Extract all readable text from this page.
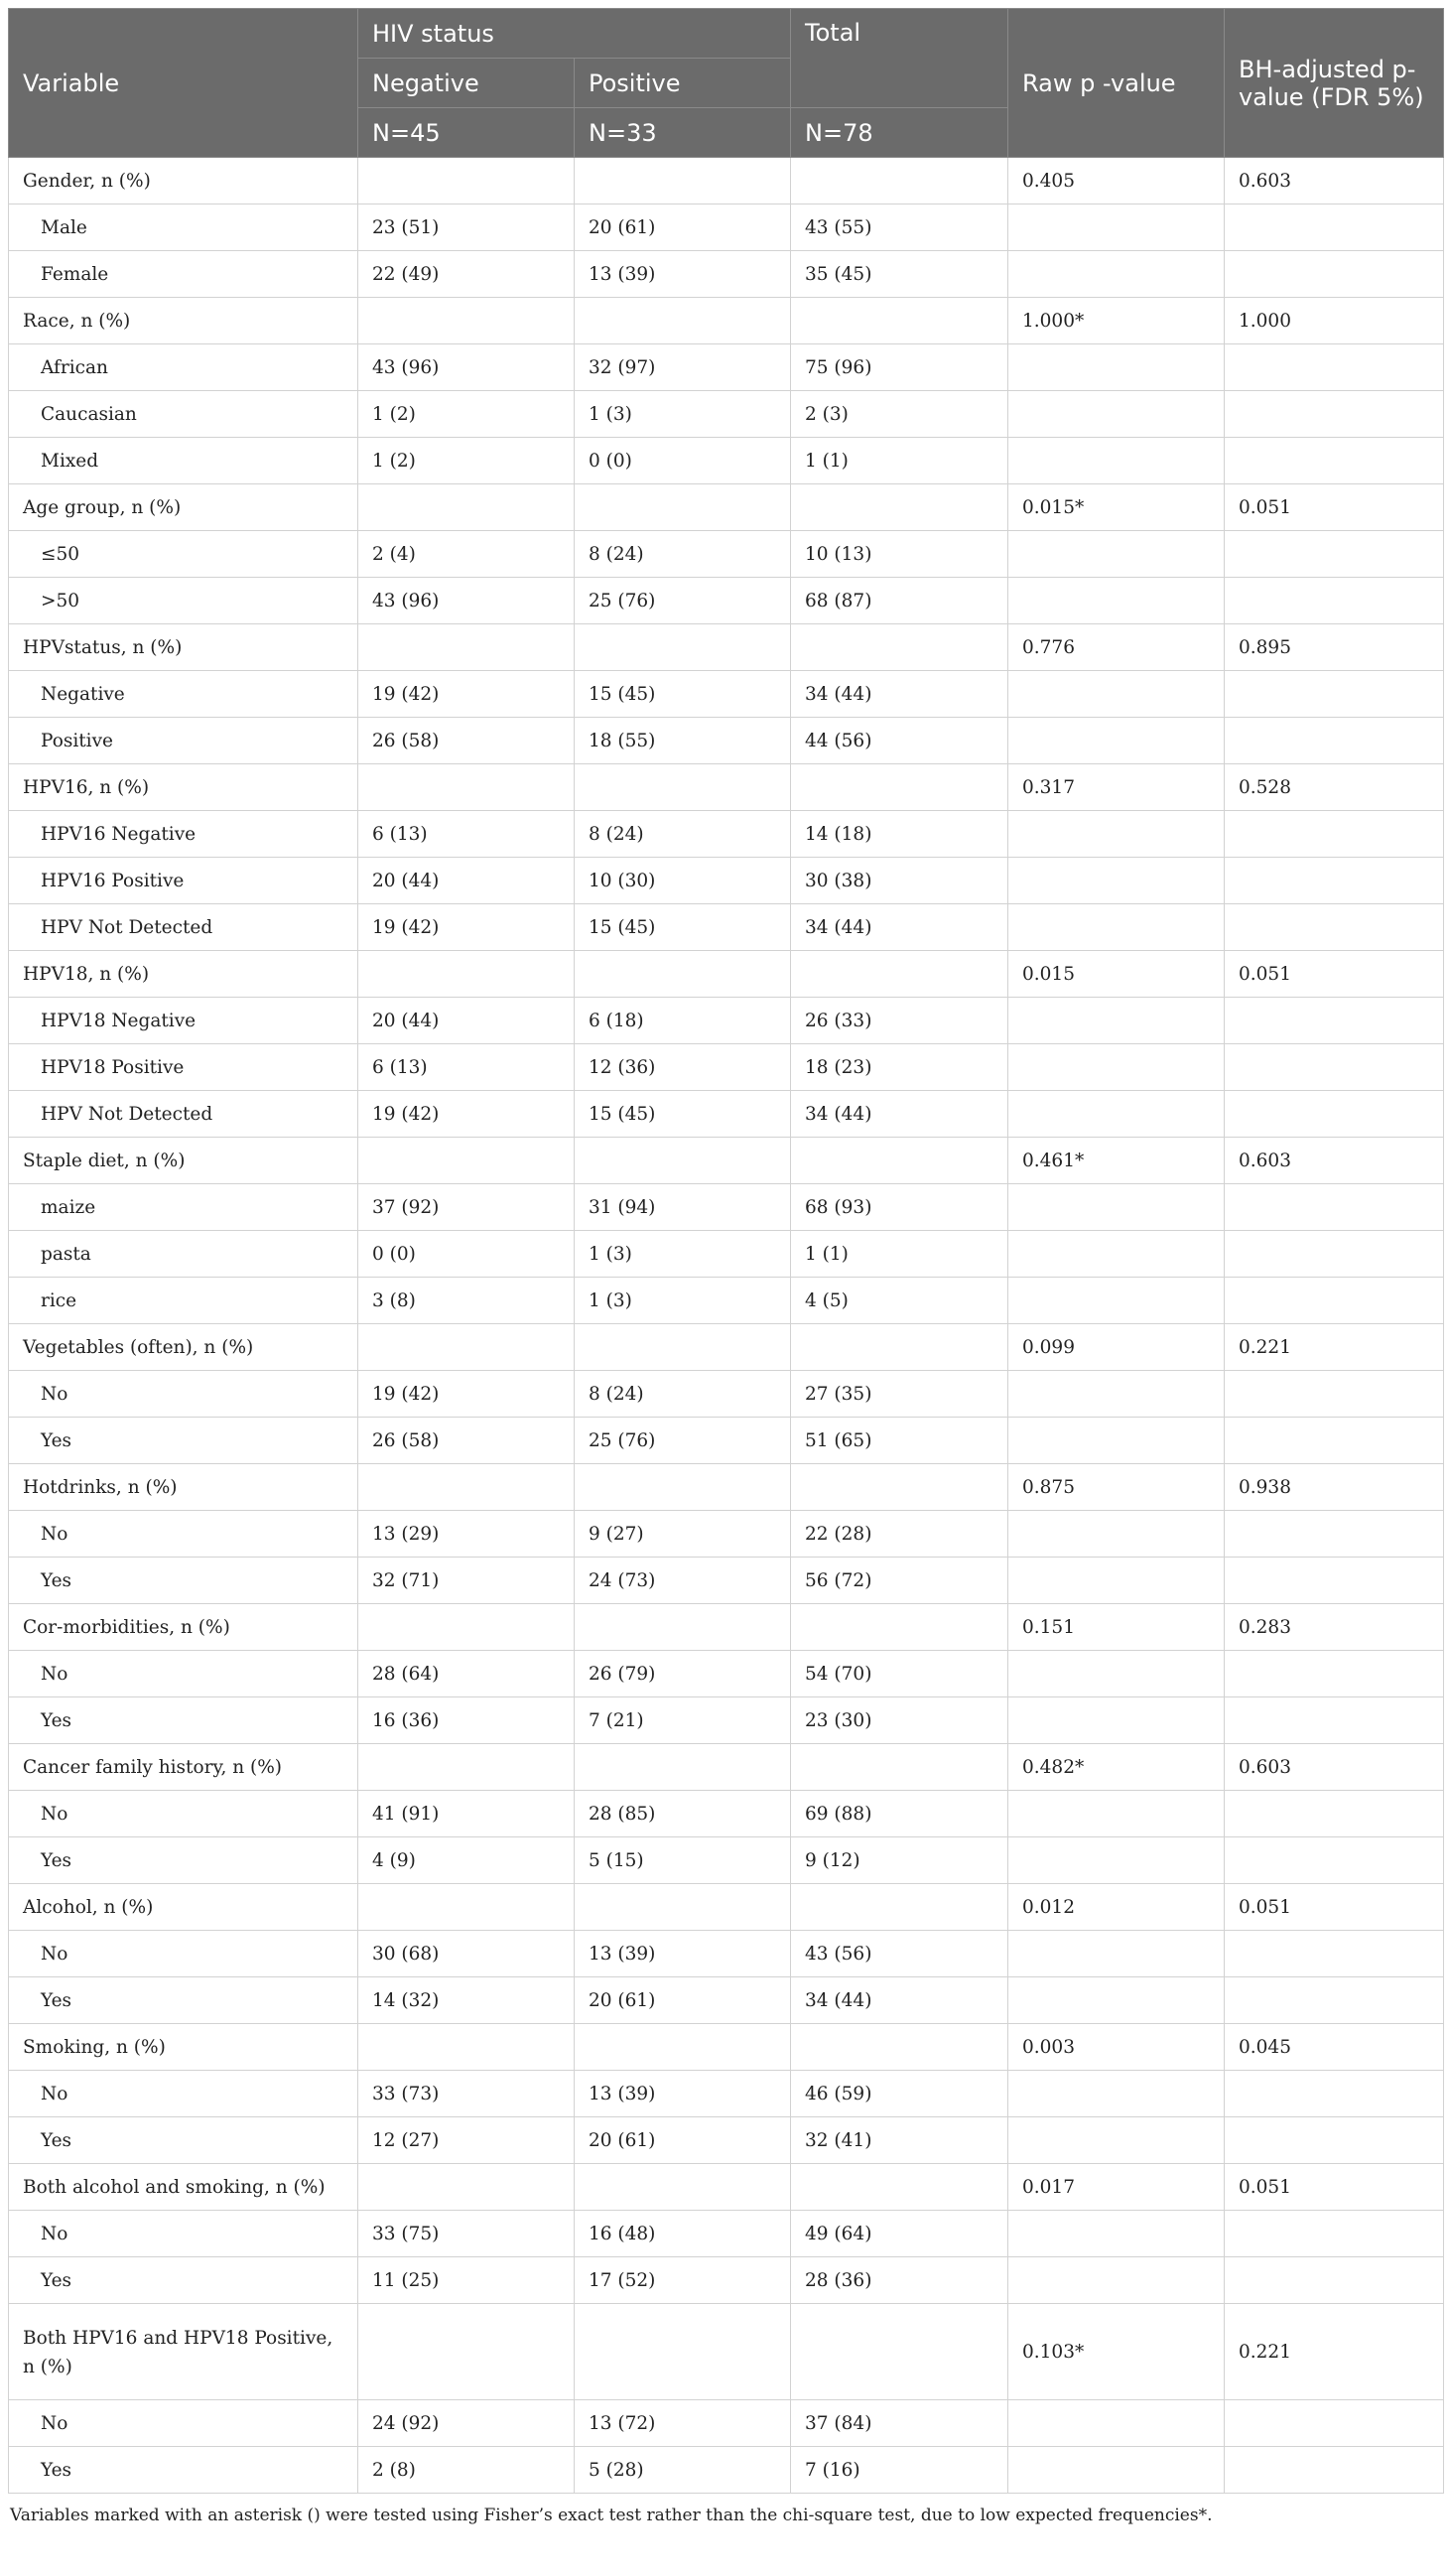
Variable	HIV status		Total	Raw p -value	BH-adjusted p-value (FDR 5%)
	Negative	Positive			
	N=45	N=33	N=78		
Gender, n (%)				0.405	0.603
Male	23 (51)	20 (61)	43 (55)		
Female	22 (49)	13 (39)	35 (45)		
Race, n (%)				1.000*	1.000
African	43 (96)	32 (97)	75 (96)		
Caucasian	1 (2)	1 (3)	2 (3)		
Mixed	1 (2)	0 (0)	1 (1)		
Age group, n (%)				0.015*	0.051
≤50	2 (4)	8 (24)	10 (13)		
>50	43 (96)	25 (76)	68 (87)		
HPVstatus, n (%)				0.776	0.895
Negative	19 (42)	15 (45)	34 (44)		
Positive	26 (58)	18 (55)	44 (56)		
HPV16, n (%)				0.317	0.528
HPV16 Negative	6 (13)	8 (24)	14 (18)		
HPV16 Positive	20 (44)	10 (30)	30 (38)		
HPV Not Detected	19 (42)	15 (45)	34 (44)		
HPV18, n (%)				0.015	0.051
HPV18 Negative	20 (44)	6 (18)	26 (33)		
HPV18 Positive	6 (13)	12 (36)	18 (23)		
HPV Not Detected	19 (42)	15 (45)	34 (44)		
Staple diet, n (%)				0.461*	0.603
maize	37 (92)	31 (94)	68 (93)		
pasta	0 (0)	1 (3)	1 (1)		
rice	3 (8)	1 (3)	4 (5)		
Vegetables (often), n (%)				0.099	0.221
No	19 (42)	8 (24)	27 (35)		
Yes	26 (58)	25 (76)	51 (65)		
Hotdrinks, n (%)				0.875	0.938
No	13 (29)	9 (27)	22 (28)		
Yes	32 (71)	24 (73)	56 (72)		
Cor-morbidities, n (%)				0.151	0.283
No	28 (64)	26 (79)	54 (70)		
Yes	16 (36)	7 (21)	23 (30)		
Cancer family history, n (%)				0.482*	0.603
No	41 (91)	28 (85)	69 (88)		
Yes	4 (9)	5 (15)	9 (12)		
Alcohol, n (%)				0.012	0.051
No	30 (68)	13 (39)	43 (56)		
Yes	14 (32)	20 (61)	34 (44)		
Smoking, n (%)				0.003	0.045
No	33 (73)	13 (39)	46 (59)		
Yes	12 (27)	20 (61)	32 (41)		
Both alcohol and smoking, n (%)				0.017	0.051
No	33 (75)	16 (48)	49 (64)		
Yes	11 (25)	17 (52)	28 (36)		
Both HPV16 and HPV18 Positive, n (%)				0.103*	0.221
No	24 (92)	13 (72)	37 (84)		
Yes	2 (8)	5 (28)	7 (16)		
Variables marked with an asterisk () were tested using Fisher’s exact test rather than the chi-square test, due to low expected frequencies*.
